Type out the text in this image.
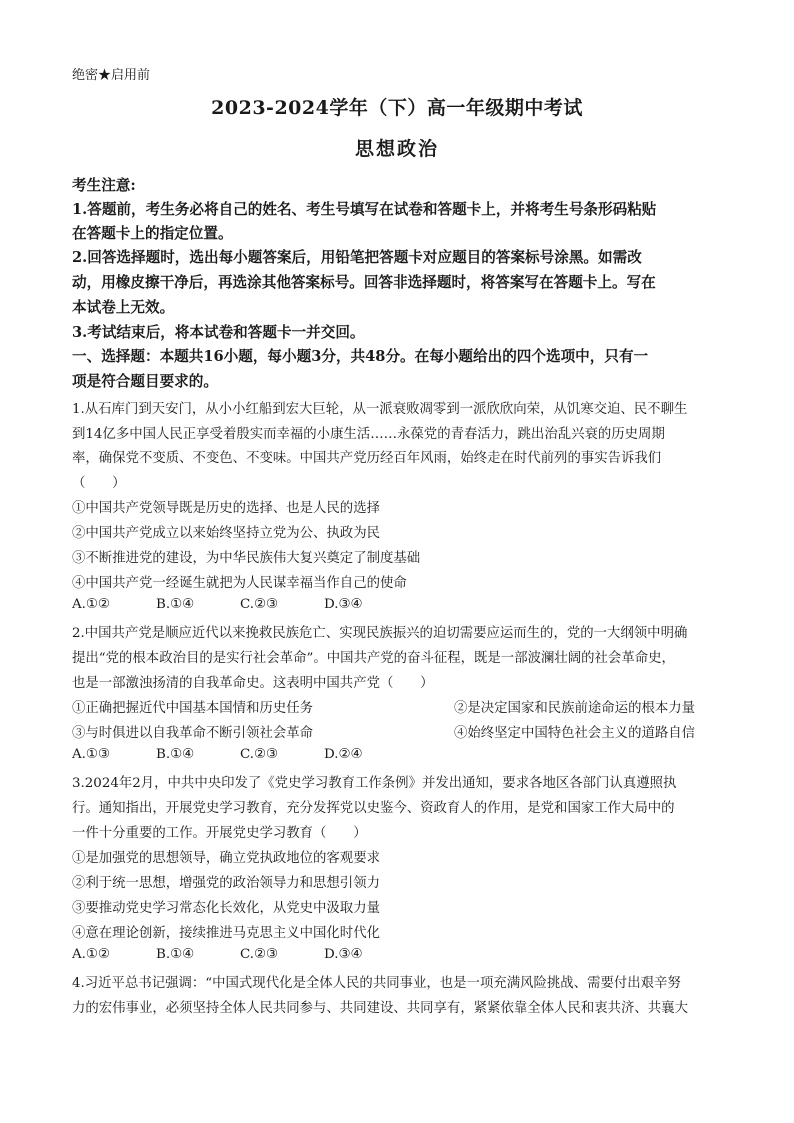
绝密★启用前
2023-2024学年（下）高一年级期中考试
思想政治
考生注意:
1.答题前，考生务必将自己的姓名、考生号填写在试卷和答题卡上，并将考生号条形码粘贴
在答题卡上的指定位置。
2.回答选择题时，选出每小题答案后，用铅笔把答题卡对应题目的答案标号涂黑。如需改
动，用橡皮擦干净后，再选涂其他答案标号。回答非选择题时，将答案写在答题卡上。写在
本试卷上无效。
3.考试结束后，将本试卷和答题卡一并交回。
一、选择题：本题共16小题，每小题3分，共48分。在每小题给出的四个选项中，只有一
项是符合题目要求的。
1.从石库门到天安门，从小小红船到宏大巨轮，从一派衰败凋零到一派欣欣向荣，从饥寒交迫、民不聊生
到14亿多中国人民正享受着殷实而幸福的小康生活……永葆党的青春活力，跳出治乱兴衰的历史周期
率，确保党不变质、不变色、不变味。中国共产党历经百年风雨，始终走在时代前列的事实告诉我们
（　　）
①中国共产党领导既是历史的选择、也是人民的选择
②中国共产党成立以来始终坚持立党为公、执政为民
③不断推进党的建设，为中华民族伟大复兴奠定了制度基础
④中国共产党一经诞生就把为人民谋幸福当作自己的使命
A.①②	B.①④	C.②③	D.③④
2.中国共产党是顺应近代以来挽救民族危亡、实现民族振兴的迫切需要应运而生的，党的一大纲领中明确
提出“党的根本政治目的是实行社会革命”。中国共产党的奋斗征程，既是一部波澜壮阔的社会革命史，
也是一部激浊扬清的自我革命史。这表明中国共产党（　　）
①正确把握近代中国基本国情和历史任务	②是决定国家和民族前途命运的根本力量
③与时俱进以自我革命不断引领社会革命	④始终坚定中国特色社会主义的道路自信
A.①③	B.①④	C.②③	D.②④
3.2024年2月，中共中央印发了《党史学习教育工作条例》并发出通知，要求各地区各部门认真遵照执
行。通知指出，开展党史学习教育，充分发挥党以史鉴今、资政育人的作用，是党和国家工作大局中的
一件十分重要的工作。开展党史学习教育（　　）
①是加强党的思想领导，确立党执政地位的客观要求
②利于统一思想，增强党的政治领导力和思想引领力
③要推动党史学习常态化长效化，从党史中汲取力量
④意在理论创新，接续推进马克思主义中国化时代化
A.①②	B.①④	C.②③	D.③④
4.习近平总书记强调：“中国式现代化是全体人民的共同事业，也是一项充满风险挑战、需要付出艰辛努
力的宏伟事业，必须坚持全体人民共同参与、共同建设、共同享有，紧紧依靠全体人民和衷共济、共襄大
